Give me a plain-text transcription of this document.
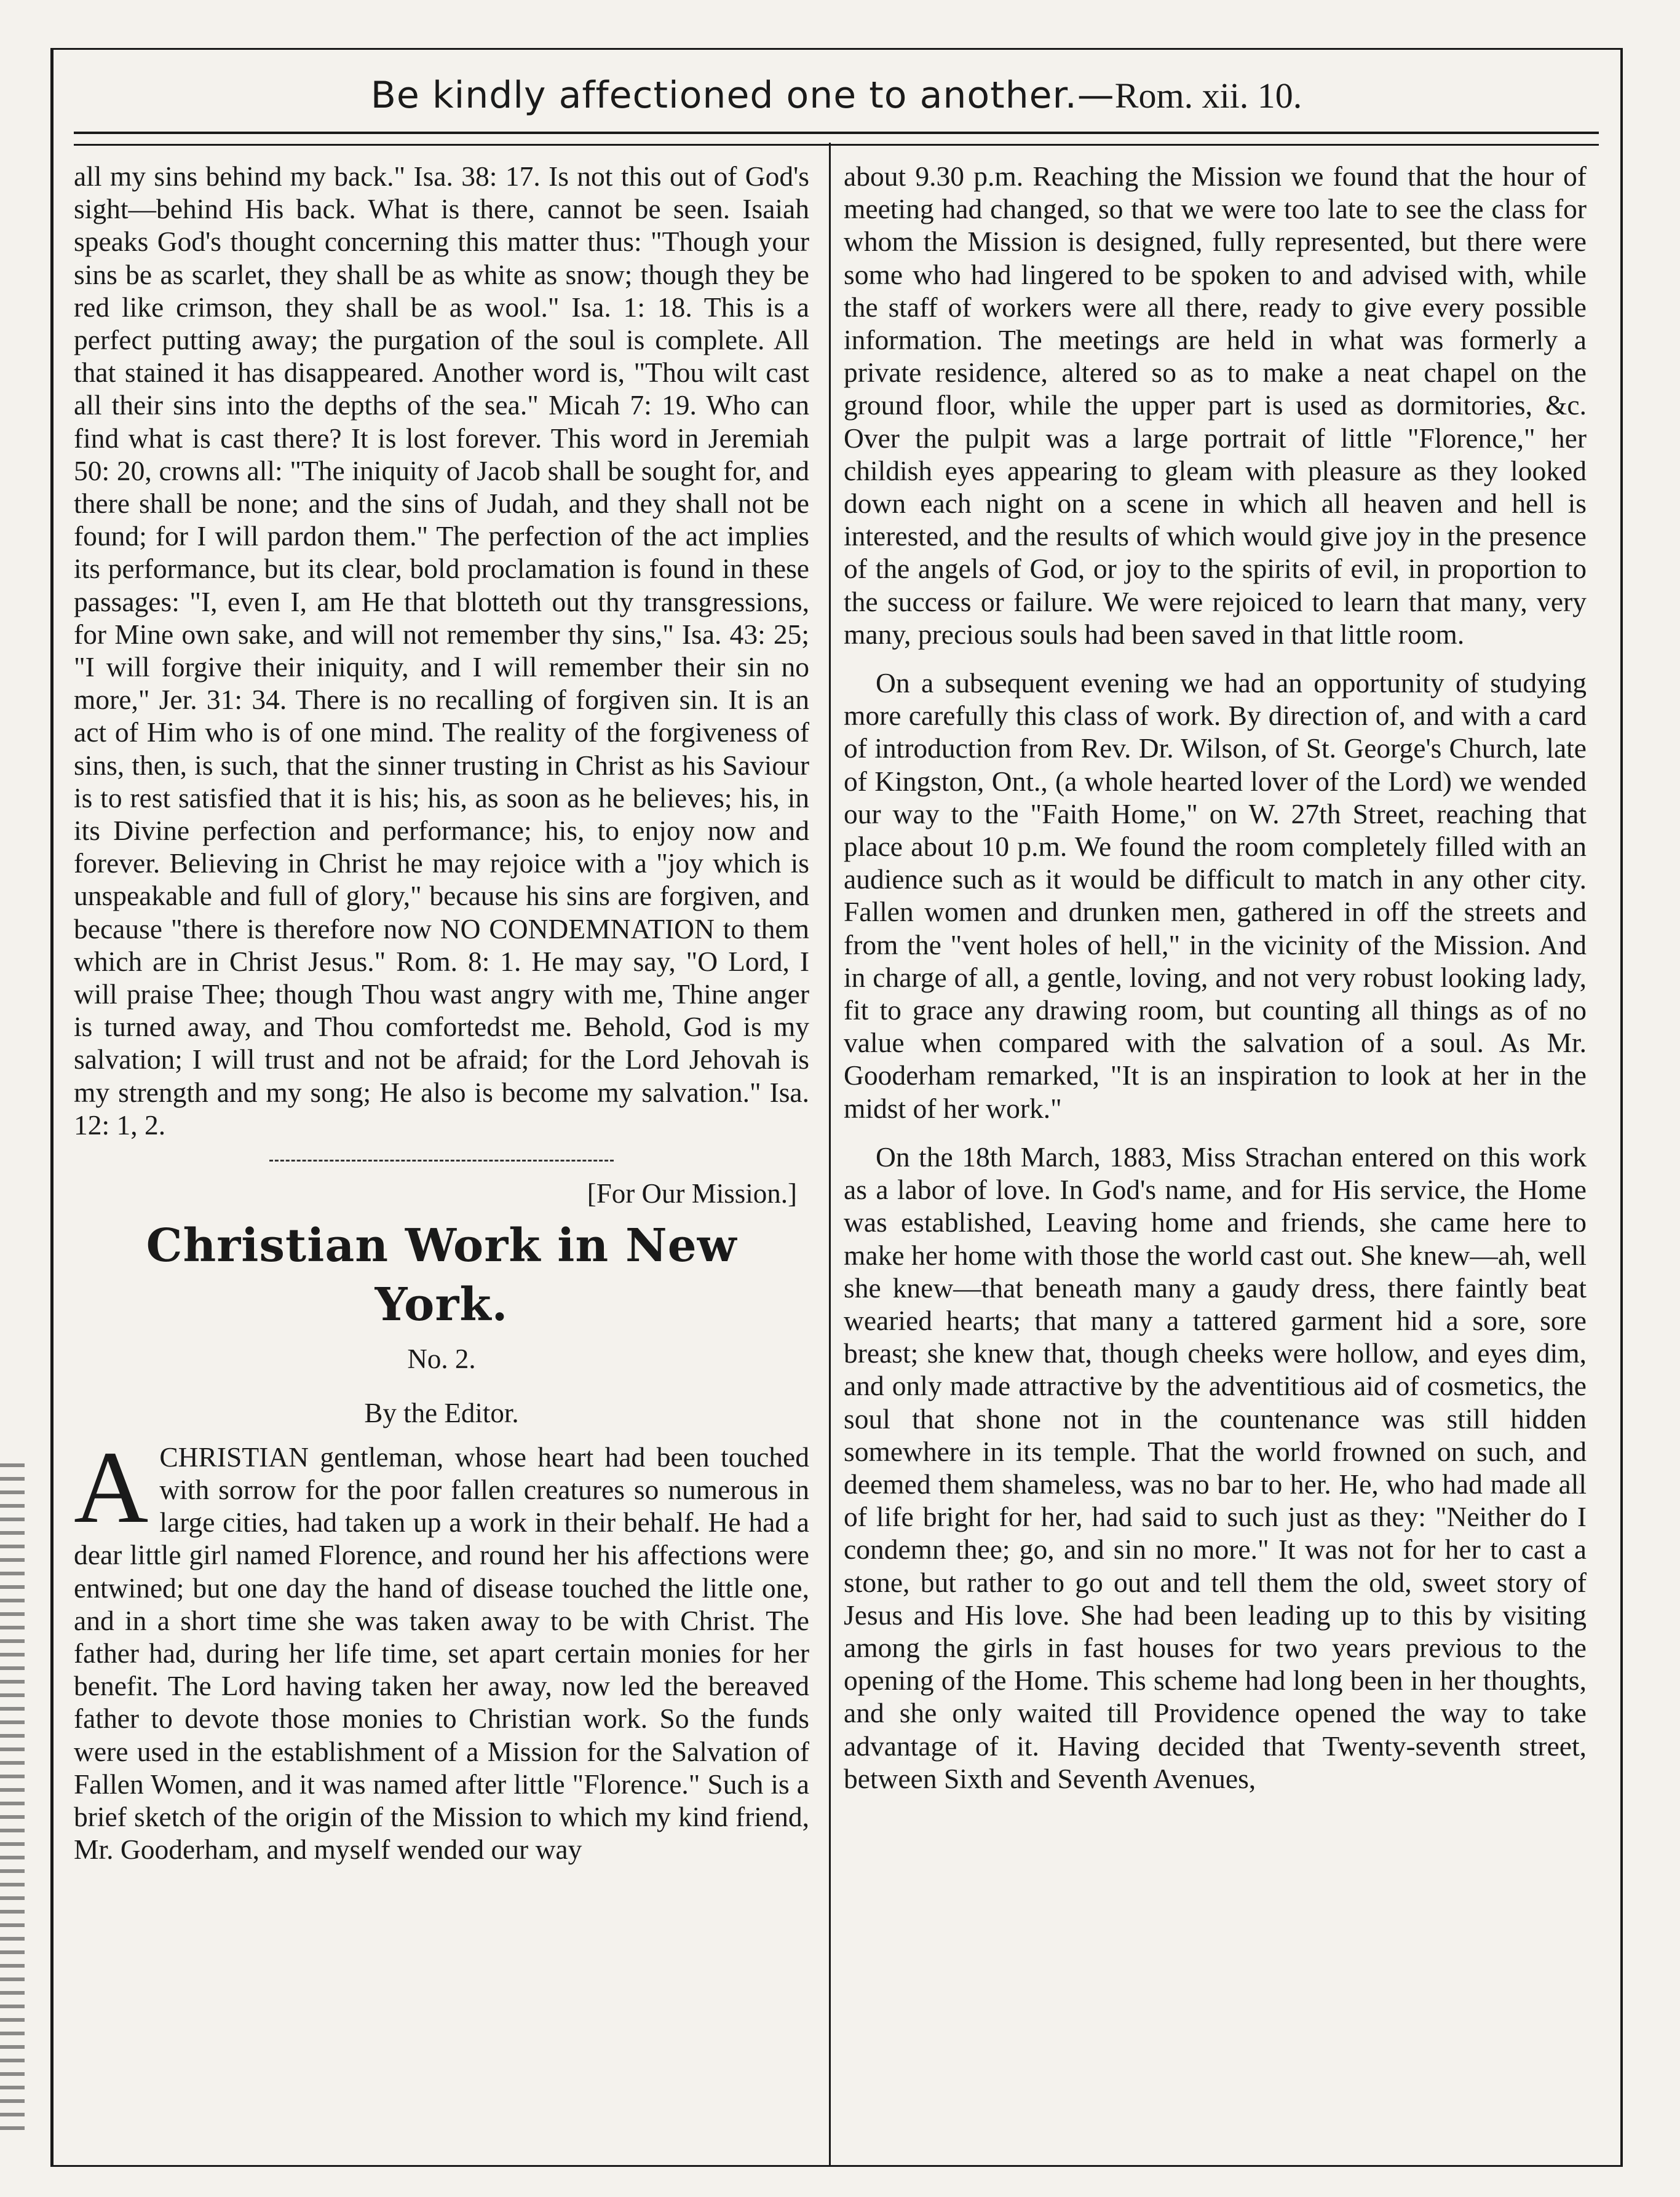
Be kindly affectioned one to another.—Rom. xii. 10.

all my sins behind my back." Isa. 38: 17. Is not this out of God's sight—behind His back. What is there, cannot be seen. Isaiah speaks God's thought concerning this matter thus: "Though your sins be as scarlet, they shall be as white as snow; though they be red like crimson, they shall be as wool." Isa. 1: 18. This is a perfect putting away; the purgation of the soul is complete. All that stained it has disappeared. Another word is, "Thou wilt cast all their sins into the depths of the sea." Micah 7: 19. Who can find what is cast there? It is lost forever. This word in Jeremiah 50: 20, crowns all: "The iniquity of Jacob shall be sought for, and there shall be none; and the sins of Judah, and they shall not be found; for I will pardon them." The perfection of the act implies its performance, but its clear, bold proclamation is found in these passages: "I, even I, am He that blotteth out thy transgressions, for Mine own sake, and will not remember thy sins," Isa. 43: 25; "I will forgive their iniquity, and I will remember their sin no more," Jer. 31: 34. There is no recalling of forgiven sin. It is an act of Him who is of one mind. The reality of the forgiveness of sins, then, is such, that the sinner trusting in Christ as his Saviour is to rest satisfied that it is his; his, as soon as he believes; his, in its Divine perfection and performance; his, to enjoy now and forever. Believing in Christ he may rejoice with a "joy which is unspeakable and full of glory," because his sins are forgiven, and because "there is therefore now NO CONDEMNATION to them which are in Christ Jesus." Rom. 8: 1. He may say, "O Lord, I will praise Thee; though Thou wast angry with me, Thine anger is turned away, and Thou comfortedst me. Behold, God is my salvation; I will trust and not be afraid; for the Lord Jehovah is my strength and my song; He also is become my salvation." Isa. 12: 1, 2.

[For Our Mission.]
Christian Work in New York.
No. 2.
By the Editor.

A CHRISTIAN gentleman, whose heart had been touched with sorrow for the poor fallen creatures so numerous in large cities, had taken up a work in their behalf. He had a dear little girl named Florence, and round her his affections were entwined; but one day the hand of disease touched the little one, and in a short time she was taken away to be with Christ. The father had, during her life time, set apart certain monies for her benefit. The Lord having taken her away, now led the bereaved father to devote those monies to Christian work. So the funds were used in the establishment of a Mission for the Salvation of Fallen Women, and it was named after little "Florence." Such is a brief sketch of the origin of the Mission to which my kind friend, Mr. Gooderham, and myself wended our way

about 9.30 p.m. Reaching the Mission we found that the hour of meeting had changed, so that we were too late to see the class for whom the Mission is designed, fully represented, but there were some who had lingered to be spoken to and advised with, while the staff of workers were all there, ready to give every possible information. The meetings are held in what was formerly a private residence, altered so as to make a neat chapel on the ground floor, while the upper part is used as dormitories, &c. Over the pulpit was a large portrait of little "Florence," her childish eyes appearing to gleam with pleasure as they looked down each night on a scene in which all heaven and hell is interested, and the results of which would give joy in the presence of the angels of God, or joy to the spirits of evil, in proportion to the success or failure. We were rejoiced to learn that many, very many, precious souls had been saved in that little room.

On a subsequent evening we had an opportunity of studying more carefully this class of work. By direction of, and with a card of introduction from Rev. Dr. Wilson, of St. George's Church, late of Kingston, Ont., (a whole hearted lover of the Lord) we wended our way to the "Faith Home," on W. 27th Street, reaching that place about 10 p.m. We found the room completely filled with an audience such as it would be difficult to match in any other city. Fallen women and drunken men, gathered in off the streets and from the "vent holes of hell," in the vicinity of the Mission. And in charge of all, a gentle, loving, and not very robust looking lady, fit to grace any drawing room, but counting all things as of no value when compared with the salvation of a soul. As Mr. Gooderham remarked, "It is an inspiration to look at her in the midst of her work."

On the 18th March, 1883, Miss Strachan entered on this work as a labor of love. In God's name, and for His service, the Home was established, Leaving home and friends, she came here to make her home with those the world cast out. She knew—ah, well she knew—that beneath many a gaudy dress, there faintly beat wearied hearts; that many a tattered garment hid a sore, sore breast; she knew that, though cheeks were hollow, and eyes dim, and only made attractive by the adventitious aid of cosmetics, the soul that shone not in the countenance was still hidden somewhere in its temple. That the world frowned on such, and deemed them shameless, was no bar to her. He, who had made all of life bright for her, had said to such just as they: "Neither do I condemn thee; go, and sin no more." It was not for her to cast a stone, but rather to go out and tell them the old, sweet story of Jesus and His love. She had been leading up to this by visiting among the girls in fast houses for two years previous to the opening of the Home. This scheme had long been in her thoughts, and she only waited till Providence opened the way to take advantage of it. Having decided that Twenty-seventh street, between Sixth and Seventh Avenues,
